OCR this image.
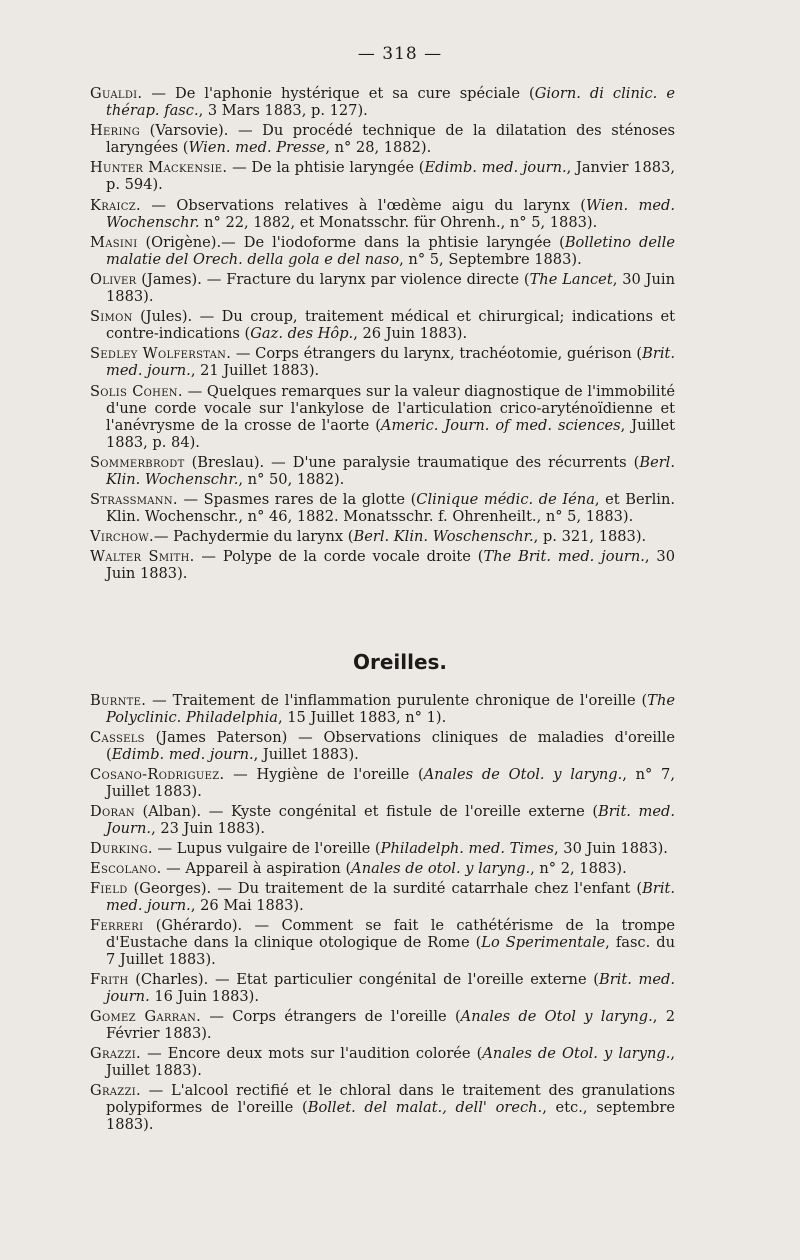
— 318 —

Gualdi. — De l'aphonie hystérique et sa cure spéciale (Giorn. di clinic. e thérap. fasc., 3 Mars 1883, p. 127).

Hering (Varsovie). — Du procédé technique de la dilatation des sténoses laryngées (Wien. med. Presse, n° 28, 1882).

Hunter Mackensie. — De la phtisie laryngée (Edimb. med. journ., Janvier 1883, p. 594).

Kraicz. — Observations relatives à l'œdème aigu du larynx (Wien. med. Wochenschr. n° 22, 1882, et Monatsschr. für Ohrenh., n° 5, 1883).

Masini (Origène).— De l'iodoforme dans la phtisie laryngée (Bolletino delle malatie del Orech. della gola e del naso, n° 5, Septembre 1883).

Oliver (James). — Fracture du larynx par violence directe (The Lancet, 30 Juin 1883).

Simon (Jules). — Du croup, traitement médical et chirurgical; indications et contre-indications (Gaz. des Hôp., 26 Juin 1883).

Sedley Wolferstan. — Corps étrangers du larynx, trachéotomie, guérison (Brit. med. journ., 21 Juillet 1883).

Solis Cohen. — Quelques remarques sur la valeur diagnostique de l'immobilité d'une corde vocale sur l'ankylose de l'articulation crico-aryténoïdienne et l'anévrysme de la crosse de l'aorte (Americ. Journ. of med. sciences, Juillet 1883, p. 84).

Sommerbrodt (Breslau). — D'une paralysie traumatique des récurrents (Berl. Klin. Wochenschr., n° 50, 1882).

Strassmann. — Spasmes rares de la glotte (Clinique médic. de Iéna, et Berlin. Klin. Wochenschr., n° 46, 1882. Monatsschr. f. Ohrenheilt., n° 5, 1883).

Virchow.— Pachydermie du larynx (Berl. Klin. Woschenschr., p. 321, 1883).

Walter Smith. — Polype de la corde vocale droite (The Brit. med. journ., 30 Juin 1883).

Oreilles.

Burnte. — Traitement de l'inflammation purulente chronique de l'oreille (The Polyclinic. Philadelphia, 15 Juillet 1883, n° 1).

Cassels (James Paterson) — Observations cliniques de maladies d'oreille (Edimb. med. journ., Juillet 1883).

Cosano-Rodriguez. — Hygiène de l'oreille (Anales de Otol. y laryng., n° 7, Juillet 1883).

Doran (Alban). — Kyste congénital et fistule de l'oreille externe (Brit. med. Journ., 23 Juin 1883).

Durking. — Lupus vulgaire de l'oreille (Philadelph. med. Times, 30 Juin 1883).

Escolano. — Appareil à aspiration (Anales de otol. y laryng., n° 2, 1883).

Field (Georges). — Du traitement de la surdité catarrhale chez l'enfant (Brit. med. journ., 26 Mai 1883).

Ferreri (Ghérardo). — Comment se fait le cathétérisme de la trompe d'Eustache dans la clinique otologique de Rome (Lo Sperimentale, fasc. du 7 Juillet 1883).

Frith (Charles). — Etat particulier congénital de l'oreille externe (Brit. med. journ. 16 Juin 1883).

Gomez Garran. — Corps étrangers de l'oreille (Anales de Otol y laryng., 2 Février 1883).

Grazzi. — Encore deux mots sur l'audition colorée (Anales de Otol. y laryng., Juillet 1883).

Grazzi. — L'alcool rectifié et le chloral dans le traitement des granulations polypiformes de l'oreille (Bollet. del malat., dell' orech., etc., septembre 1883).
